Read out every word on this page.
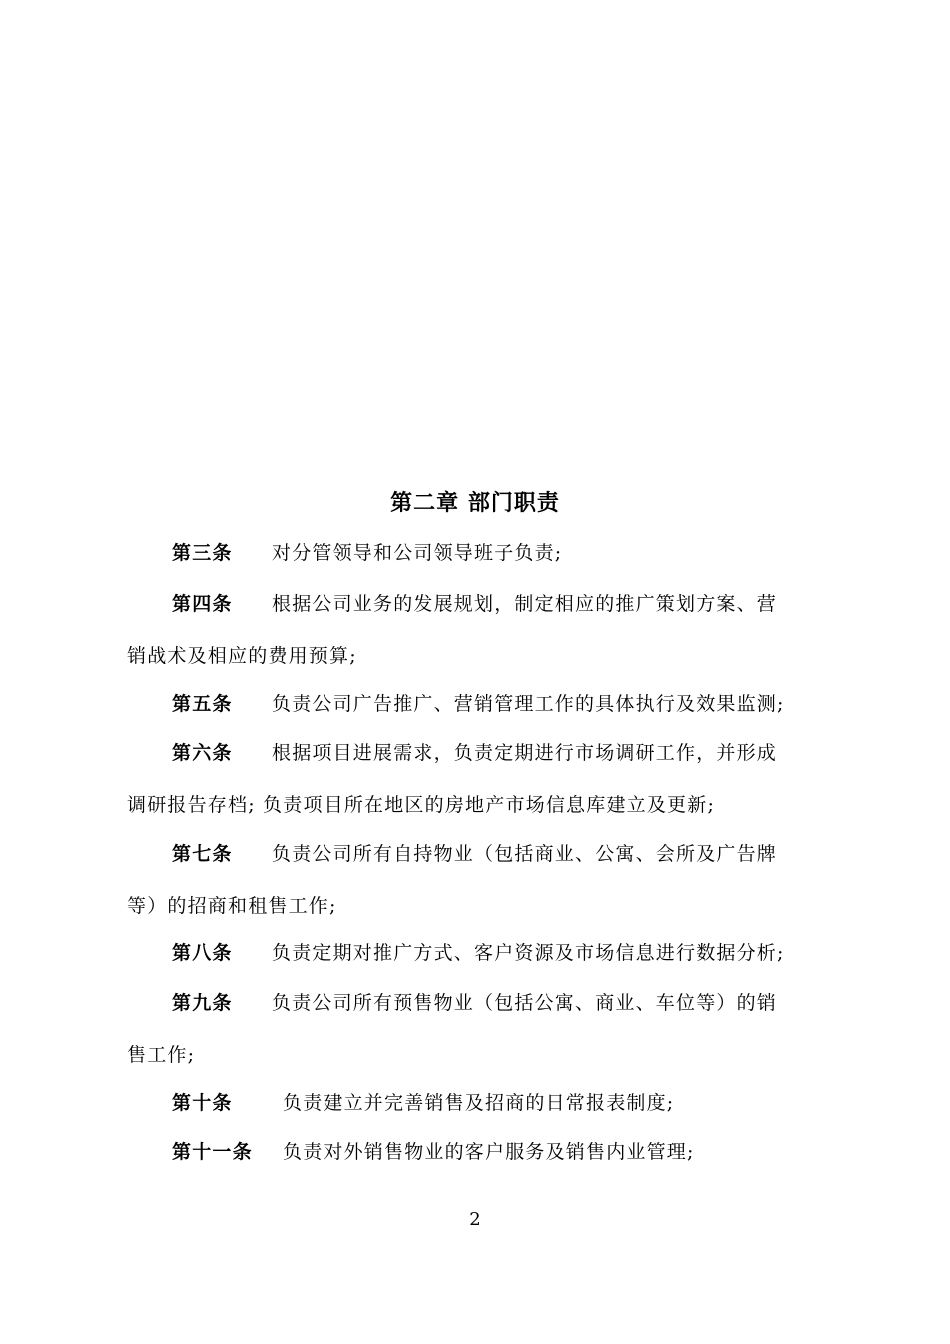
第二章 部门职责
第三条 对分管领导和公司领导班子负责;
第四条 根据公司业务的发展规划，制定相应的推广策划方案、营
销战术及相应的费用预算;
第五条 负责公司广告推广、营销管理工作的具体执行及效果监测;
第六条 根据项目进展需求，负责定期进行市场调研工作，并形成
调研报告存档; 负责项目所在地区的房地产市场信息库建立及更新;
第七条 负责公司所有自持物业（包括商业、公寓、会所及广告牌
等）的招商和租售工作;
第八条 负责定期对推广方式、客户资源及市场信息进行数据分析;
第九条 负责公司所有预售物业（包括公寓、商业、车位等）的销
售工作;
第十条	负责建立并完善销售及招商的日常报表制度;
第十一条 负责对外销售物业的客户服务及销售内业管理;
2
